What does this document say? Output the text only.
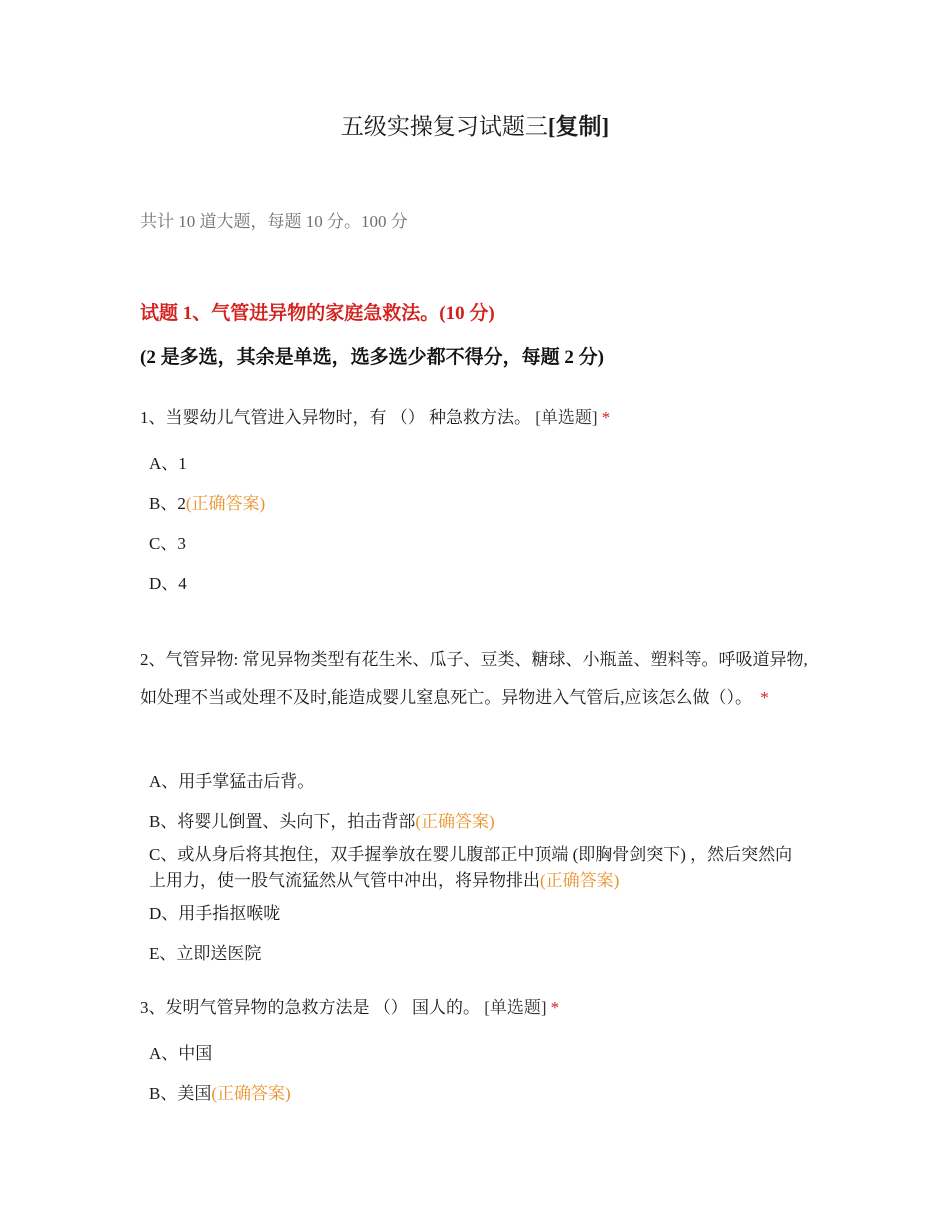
五级实操复习试题三[复制]
共计 10 道大题，每题 10 分。100 分
试题 1、气管进异物的家庭急救法。(10 分)
(2 是多选，其余是单选，选多选少都不得分，每题 2 分)
1、当婴幼儿气管进入异物时，有 （） 种急救方法。 [单选题] *
A、1
B、2(正确答案)
C、3
D、4
2、气管异物: 常见异物类型有花生米、瓜子、豆类、糖球、小瓶盖、塑料等。呼吸道异物,如处理不当或处理不及时,能造成婴儿窒息死亡。异物进入气管后,应该怎么做（）。 *
A、用手掌猛击后背。
B、将婴儿倒置、头向下，拍击背部(正确答案)
C、或从身后将其抱住，双手握拳放在婴儿腹部正中顶端 (即胸骨剑突下) ，然后突然向上用力，使一股气流猛然从气管中冲出，将异物排出(正确答案)
D、用手指抠喉咙
E、立即送医院
3、发明气管异物的急救方法是 （） 国人的。 [单选题] *
A、中国
B、美国(正确答案)
